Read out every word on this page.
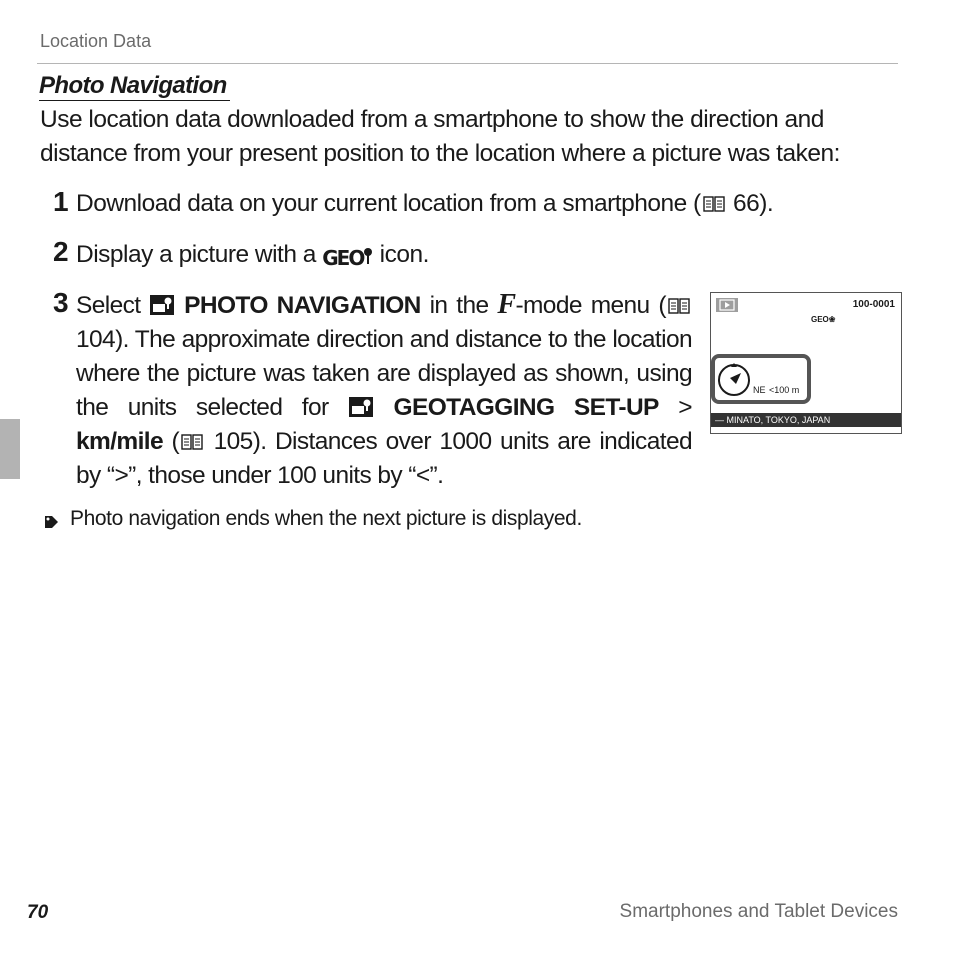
Location Data
Photo Navigation
Use location data downloaded from a smartphone to show the direction and distance from your present position to the location where a picture was taken:
1 Download data on your current location from a smartphone ( 66).
2 Display a picture with a GEO icon.
3 Select PHOTO NAVIGATION in the F-mode menu ( 104). The approximate direction and distance to the location where the picture was taken are displayed as shown, using the units selected for	GEOTAGGING SET-UP > km/mile ( 105). Distances over 1000 units are indicated by “>”, those under 100 units by “<”.
100-0001
GEO❀
NE <100 m
— MINATO, TOKYO, JAPAN
Photo navigation ends when the next picture is displayed.
70	Smartphones and Tablet Devices
